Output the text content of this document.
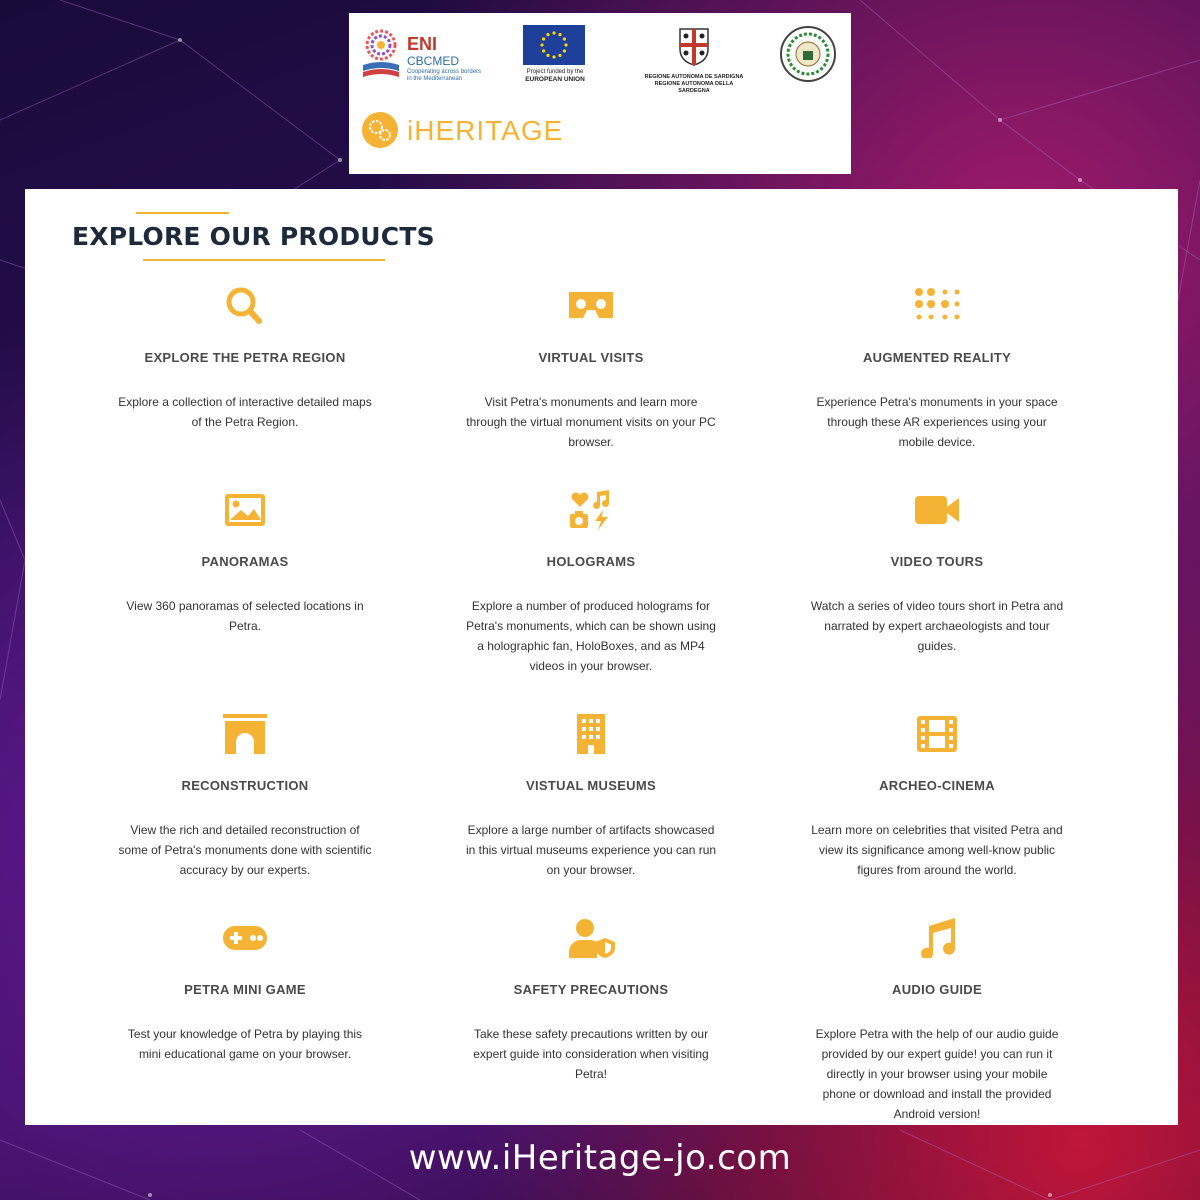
ENI
CBCMED
Cooperating across borders in the Mediterranean
Project funded by the
EUROPEAN UNION	REGIONE AUTONOMA DE SARDIGNA
REGIONE AUTONOMA DELLA SARDEGNA
iHERITAGE
EXPLORE OUR PRODUCTS
EXPLORE THE PETRA REGION

Explore a collection of interactive detailed maps of the Petra Region.

VIRTUAL VISITS

Visit Petra's monuments and learn more through the virtual monument visits on your PC browser.

AUGMENTED REALITY

Experience Petra's monuments in your space through these AR experiences using your mobile device.

PANORAMAS

View 360 panoramas of selected locations in Petra.

HOLOGRAMS

Explore a number of produced holograms for Petra's monuments, which can be shown using a holographic fan, HoloBoxes, and as MP4 videos in your browser.

VIDEO TOURS

Watch a series of video tours short in Petra and narrated by expert archaeologists and tour guides.

RECONSTRUCTION

View the rich and detailed reconstruction of some of Petra's monuments done with scientific accuracy by our experts.

VISTUAL MUSEUMS

Explore a large number of artifacts showcased in this virtual museums experience you can run on your browser.

ARCHEO-CINEMA

Learn more on celebrities that visited Petra and view its significance among well-know public figures from around the world.

PETRA MINI GAME

Test your knowledge of Petra by playing this mini educational game on your browser.

SAFETY PRECAUTIONS

Take these safety precautions written by our expert guide into consideration when visiting Petra!

AUDIO GUIDE

Explore Petra with the help of our audio guide provided by our expert guide! you can run it directly in your browser using your mobile phone or download and install the provided Android version!

www.iHeritage-jo.com
